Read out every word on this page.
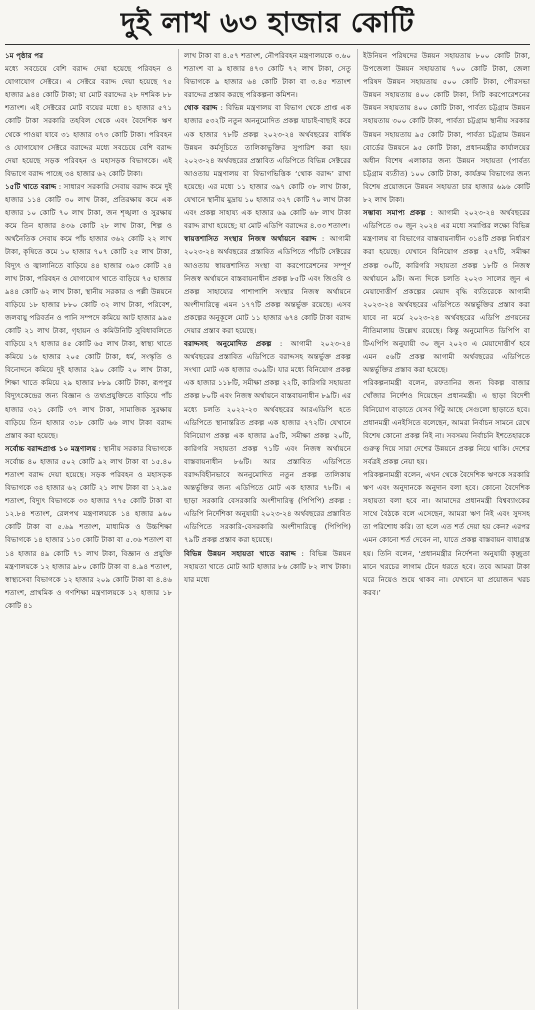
দুই লাখ ৬৩ হাজার কোটি

১ম পৃষ্ঠার পর

মধ্যে সবচেয়ে বেশি বরাদ্দ দেয়া হয়েছে পরিবহন ও যোগাযোগ সেক্টরে। এ সেক্টরে বরাদ্দ দেয়া হয়েছে ৭৫ হাজার ৯৪৪ কোটি টাকা; যা মোট বরাদ্দের ২৮ দশমিক ৮৮ শতাংশ। এই সেক্টরের মোট ব্যয়ের মধ্যে ৪১ হাজার ৫৭১ কোটি টাকা সরকারি তহবিল থেকে এবং বৈদেশিক ঋণ থেকে পাওয়া যাবে ৩১ হাজার ৩৭৩ কোটি টাকা। পরিবহন ও যোগাযোগ সেক্টরে বরাদ্দের মধ্যে সবচেয়ে বেশি বরাদ্দ দেয়া হয়েছে সড়ক পরিবহন ও মহাসড়ক বিভাগকে। এই বিভাগে বরাদ্দ পাচ্ছে ৩৪ হাজার ৬২ কোটি টাকা।

১৫টি খাতে বরাদ্দ : সাধারণ সরকারি সেবায় বরাদ্দ কমে দুই হাজার ১১৪ কোটি ৩০ লাখ টাকা, প্রতিরক্ষায় কমে এক হাজার ১০ কোটি ৭০ লাখ টাকা, জন শৃঙ্খলা ও সুরক্ষায় কমে তিন হাজার ৪৩৬ কোটি ২৮ লাখ টাকা, শিল্প ও অর্থনৈতিক সেবায় কমে পাঁচ হাজার ৩৬২ কোটি ২২ লাখ টাকা, কৃষিতে কমে ১০ হাজার ৭০৭ কোটি ২৫ লাখ টাকা, বিদ্যুৎ ও জ্বালানিতে বাড়িয়ে ৪৪ হাজার ৩৯৩ কোটি ২৪ লাখ টাকা, পরিবহন ও যোগাযোগ খাতে বাড়িয়ে ৭৫ হাজার ৯৪৪ কোটি ৬২ লাখ টাকা, স্থানীয় সরকার ও পল্লী উন্নয়নে বাড়িয়ে ১৮ হাজার ৮৮০ কোটি ৩২ লাখ টাকা, পরিবেশ, জলবায়ু পরিবর্তন ও পানি সম্পদে কমিয়ে আট হাজার ৯৯৫ কোটি ২১ লাখ টাকা, গৃহায়ন ও কমিউনিটি সুবিধাবলিতে বাড়িয়ে ২৭ হাজার ৪৫ কোটি ৬৫ লাখ টাকা, স্বাস্থ্য খাতে কমিয়ে ১৬ হাজার ২০৫ কোটি টাকা, ধর্ম, সংস্কৃতি ও বিনোদনে কমিয়ে দুই হাজার ২৯০ কোটি ২০ লাখ টাকা, শিক্ষা খাতে কমিয়ে ২৯ হাজার ৮৮৯ কোটি টাকা, রূপপুর বিদ্যুৎকেন্দ্রের জন্য বিজ্ঞান ও তথ্যপ্রযুক্তিতে বাড়িয়ে পাঁচ হাজার ৩২১ কোটি ৩৭ লাখ টাকা, সামাজিক সুরক্ষায় বাড়িয়ে তিন হাজার ৩১৮ কোটি ৬৬ লাখ টাকা বরাদ্দ প্রস্তাব করা হয়েছে।

সর্বোচ্চ বরাদ্দপ্রাপ্ত ১০ মন্ত্রণালয় : স্থানীয় সরকার বিভাগকে সর্বোচ্চ ৪০ হাজার ৫০২ কোটি ৯২ লাখ টাকা বা ১৫.৪০ শতাংশ বরাদ্দ দেয়া হয়েছে। সড়ক পরিবহন ও মহাসড়ক বিভাগকে ৩৪ হাজার ৬২ কোটি ২১ লাখ টাকা বা ১২.৯৫ শতাংশ, বিদ্যুৎ বিভাগকে ৩৩ হাজার ৭৭৫ কোটি টাকা বা ১২.৮৪ শতাংশ, রেলপথ মন্ত্রণালয়কে ১৪ হাজার ৯৬০ কোটি টাকা বা ৫.৬৯ শতাংশ, মাধ্যমিক ও উচ্চশিক্ষা বিভাগকে ১৪ হাজার ১১৩ কোটি টাকা বা ৫.৩৬ শতাংশ বা ১৪ হাজার ৪৯ কোটি ৭১ লাখ টাকা, বিজ্ঞান ও প্রযুক্তি মন্ত্রণালয়কে ১২ হাজার ৯৮০ কোটি টাকা বা ৪.৯৪ শতাংশ, স্বাস্থ্যসেবা বিভাগকে ১২ হাজার ২০৯ কোটি টাকা বা ৪.৪৬ শতাংশ, প্রাথমিক ও গণশিক্ষা মন্ত্রণালয়কে ১২ হাজার ১৮ কোটি ৪১

লাখ টাকা বা ৪.৫৭ শতাংশ, নৌপরিবহন মন্ত্রণালয়কে ৩.৬০ শতাংশ বা ৯ হাজার ৪৭৩ কোটি ৭২ লাখ টাকা, সেতু বিভাগকে ৯ হাজার ৬৪ কোটি টাকা বা ৩.৪৫ শতাংশ বরাদ্দের প্রস্তাব করছে পরিকল্পনা কমিশন।

থোক বরাদ্দ : বিভিন্ন মন্ত্রণালয় বা বিভাগ থেকে প্রাপ্ত এক হাজার ৫৩২টি নতুন অননুমোদিত প্রকল্প যাচাই-বাছাই করে এক হাজার ৭৮টি প্রকল্প ২০২৩-২৪ অর্থবছরের বার্ষিক উন্নয়ন কর্মসূচিতে তালিকাভুক্তির সুপারিশ করা হয়। ২০২৩-২৪ অর্থবছরের প্রস্তাবিত এডিপিতে বিভিন্ন সেক্টরের আওতায় মন্ত্রণালয় বা বিভাগভিত্তিক ‘থোক বরাদ্দ’ রাখা হয়েছে। এর মধ্যে ১১ হাজার ৩৯৭ কোটি ৩৮ লাখ টাকা, যেখানে স্থানীয় মুদ্রায় ১০ হাজার ৩২৭ কোটি ৭০ লাখ টাকা এবং প্রকল্প সাহায্য এক হাজার ৬৯ কোটি ৬৮ লাখ টাকা বরাদ্দ রাখা হয়েছে; যা মোট এডিপি বরাদ্দের ৪.৩৩ শতাংশ।

স্বায়ত্তশাসিত সংস্থার নিজস্ব অর্থায়নে বরাদ্দ : আগামী ২০২৩-২৪ অর্থবছরের প্রস্তাবিত এডিপিতে পাঁচটি সেক্টরের আওতায় স্বায়ত্তশাসিত সংস্থা বা করপোরেশনের সম্পূর্ণ নিজস্ব অর্থায়নে বাস্তবায়নাধীন প্রকল্প ৮৫টি এবং জিওবি ও প্রকল্প সাহায্যের পাশাপাশি সংস্থার নিজস্ব অর্থায়নে অংশীদারিত্বে এমন ১৭৭টি প্রকল্প অন্তর্ভুক্ত রয়েছে। এসব প্রকল্পের অনুকূলে মোট ১১ হাজার ৬৭৪ কোটি টাকা বরাদ্দ দেয়ার প্রস্তাব করা হয়েছে।

বরাদ্দসহ অনুমোদিত প্রকল্প : আগামী ২০২৩-২৪ অর্থবছরের প্রস্তাবিত এডিপিতে বরাদ্দসহ অন্তর্ভুক্ত প্রকল্প সংখ্যা মোট এক হাজার ৩০৯টি। যার মধ্যে বিনিয়োগ প্রকল্প এক হাজার ১১৮টি, সমীক্ষা প্রকল্প ২২টি, কারিগরি সহায়তা প্রকল্প ৮০টি এবং নিজস্ব অর্থায়নে বাস্তবায়নাধীন ৮৯টি। এর মধ্যে চলতি ২০২২-২৩ অর্থবছরের আরএডিপি হতে এডিপিতে স্থানান্তরিত প্রকল্প এক হাজার ২৭২টি। যেখানে বিনিয়োগ প্রকল্প এক হাজার ৯৫টি, সমীক্ষা প্রকল্প ২০টি, কারিগরি সহায়তা প্রকল্প ৭১টি এবং নিজস্ব অর্থায়নে বাস্তবায়নাধীন ৮৬টি। আর প্রস্তাবিত এডিপিতে বরাদ্দবিহীনভাবে অননুমোদিত নতুন প্রকল্প তালিকায় অন্তর্ভুক্তির জন্য এডিপিতে মোট এক হাজার ৭৮টি। এ ছাড়া সরকারি বেসরকারি অংশীদারিত্ব (পিপিপি) প্রকল্প : এডিপি নির্দেশিকা অনুযায়ী ২০২৩-২৪ অর্থবছরের প্রস্তাবিত এডিপিতে সরকারি-বেসরকারি অংশীদারিত্বে (পিপিপি) ৭৯টি প্রকল্প প্রস্তাব করা হয়েছে।

বিভিন্ন উন্নয়ন সহায়তা খাতে বরাদ্দ : বিভিন্ন উন্নয়ন সহায়তা খাতে মোট আট হাজার ৮৬ কোটি ৮২ লাখ টাকা। যার মধ্যে

ইউনিয়ন পরিষদের উন্নয়ন সহায়তায় ৮০০ কোটি টাকা, উপজেলা উন্নয়ন সহায়তায় ৭০০ কোটি টাকা, জেলা পরিষদ উন্নয়ন সহায়তায় ৫০০ কোটি টাকা, পৌরসভা উন্নয়ন সহায়তায় ৪০০ কোটি টাকা, সিটি করপোরেশনের উন্নয়ন সহায়তায় ৪০০ কোটি টাকা, পার্বত্য চট্টগ্রাম উন্নয়ন সহায়তায় ৩০০ কোটি টাকা, পার্বত্য চট্টগ্রাম স্থানীয় সরকার উন্নয়ন সহায়তায় ৯৫ কোটি টাকা, পার্বত্য চট্টগ্রাম উন্নয়ন বোর্ডের উন্নয়নে ৯৫ কোটি টাকা, প্রধানমন্ত্রীর কার্যালয়ের অধীন বিশেষ এলাকার জন্য উন্নয়ন সহায়তা (পার্বত্য চট্টগ্রাম ব্যতীত) ১০০ কোটি টাকা, কার্যক্রম বিভাগের জন্য বিশেষ প্রয়োজনে উন্নয়ন সহায়তা চার হাজার ৬৯৬ কোটি ৮২ লাখ টাকা।

সম্ভাব্য সমাপ্য প্রকল্প : আগামী ২০২৩-২৪ অর্থবছরের এডিপিতে ৩০ জুন ২০২৪ এর মধ্যে সমাপ্তির লক্ষ্যে বিভিন্ন মন্ত্রণালয় বা বিভাগের বাস্তবায়নাধীন ৩১৪টি প্রকল্প নির্ধারণ করা হয়েছে। যেখানে বিনিয়োগ প্রকল্প ২৫৭টি, সমীক্ষা প্রকল্প ৩০টি, কারিগরি সহায়তা প্রকল্প ১৮টি ও নিজস্ব অর্থায়নে ৯টি। অন্য দিকে চলতি ২০২৩ সালের জুন এ মেয়াদোত্তীর্ণ প্রকল্পের মেয়াদ বৃদ্ধি ব্যতিরেকে আগামী ২০২৩-২৪ অর্থবছরের এডিপিতে অন্তর্ভুক্তির প্রস্তাব করা যাবে না মর্মে ২০২৩-২৪ অর্থবছরের এডিপি প্রণয়নের নীতিমালায় উল্লেখ রয়েছে। কিন্তু অনুমোদিত ডিপিপি বা টিএপিপি অনুযায়ী ৩০ জুন ২০২৩ এ মেয়াদোত্তীর্ণ হবে এমন ৫৬টি প্রকল্প আগামী অর্থবছরের এডিপিতে অন্তর্ভুক্তির প্রস্তাব করা হয়েছে।

পরিকল্পনামন্ত্রী বলেন, রফতানির জন্য বিকল্প বাজার খোঁজার নির্দেশও দিয়েছেন প্রধানমন্ত্রী। এ ছাড়া বিদেশী বিনিয়োগ বাড়াতে যেসব গিঁটু আছে সেগুলো ছাড়াতে হবে। প্রধানমন্ত্রী এনইসিতে বলেছেন, আমরা নির্বাচন সামনে রেখে বিশেষ কোনো প্রকল্প নিই না। সবসময় নির্বাচনি ইশতেহারকে গুরুত্ব দিয়ে সারা দেশের উন্নয়নে প্রকল্প নিয়ে থাকি। দেশের সর্বত্রই প্রকল্প নেয়া হয়।

পরিকল্পনামন্ত্রী বলেন, এখন থেকে বৈদেশিক ঋণকে সরকারি ঋণ এবং অনুদানকে অনুদান বলা হবে। কোনো বৈদেশিক সহায়তা বলা হবে না। আমাদের প্রধানমন্ত্রী বিশ্বব্যাংকের সাথে বৈঠকে বলে এসেছেন, আমরা ঋণ নিই এবং সুদসহ তা পরিশোধ করি। তা হলে এত শর্ত দেয়া হয় কেন? এরপর এমন কোনো শর্ত দেবেন না, যাতে প্রকল্প বাস্তবায়ন বাধাগ্রস্ত হয়। তিনি বলেন, ‘প্রধানমন্ত্রীর নির্দেশনা অনুযায়ী কৃচ্ছ্রতা মানে খরচের লাগাম টেনে ধরতে হবে। তবে আমরা টাকা ঘরে নিয়েও শুয়ে থাকব না। যেখানে যা প্রয়োজন খরচ করব।’
